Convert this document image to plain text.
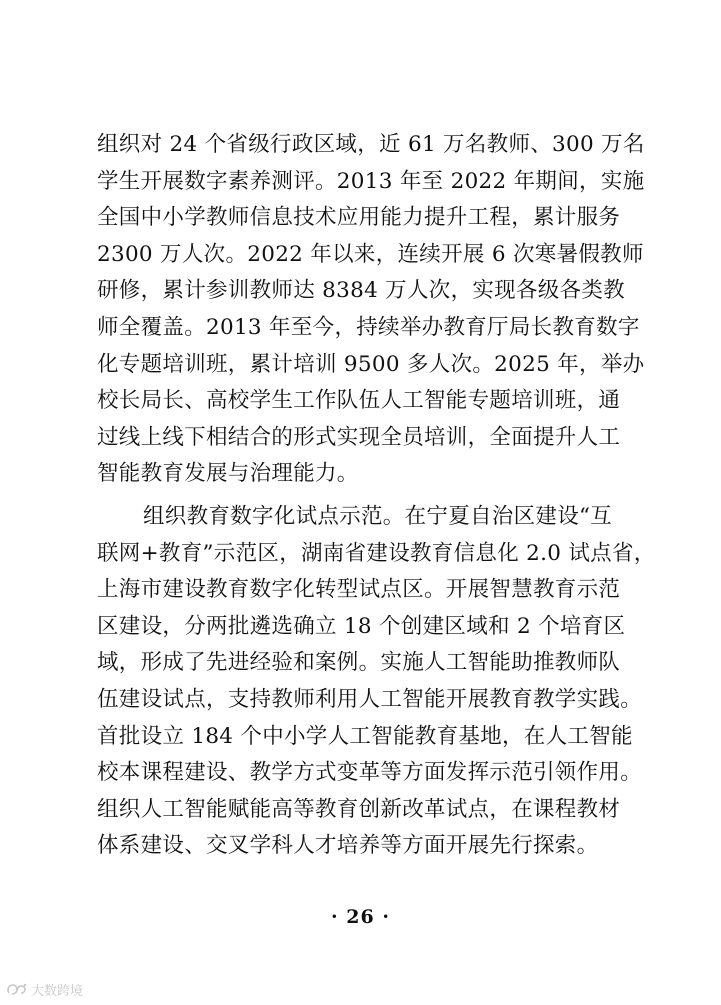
组织对 24 个省级行政区域，近 61 万名教师、300 万名
学生开展数字素养测评。2013 年至 2022 年期间，实施
全国中小学教师信息技术应用能力提升工程，累计服务
2300 万人次。2022 年以来，连续开展 6 次寒暑假教师
研修，累计参训教师达 8384 万人次，实现各级各类教
师全覆盖。2013 年至今，持续举办教育厅局长教育数字
化专题培训班，累计培训 9500 多人次。2025 年，举办
校长局长、高校学生工作队伍人工智能专题培训班，通
过线上线下相结合的形式实现全员培训，全面提升人工
智能教育发展与治理能力。
组织教育数字化试点示范。在宁夏自治区建设“互
联网+教育”示范区，湖南省建设教育信息化 2.0 试点省，
上海市建设教育数字化转型试点区。开展智慧教育示范
区建设，分两批遴选确立 18 个创建区域和 2 个培育区
域，形成了先进经验和案例。实施人工智能助推教师队
伍建设试点，支持教师利用人工智能开展教育教学实践。
首批设立 184 个中小学人工智能教育基地，在人工智能
校本课程建设、教学方式变革等方面发挥示范引领作用。
组织人工智能赋能高等教育创新改革试点，在课程教材
体系建设、交叉学科人才培养等方面开展先行探索。
· 26 ·
大数跨境
